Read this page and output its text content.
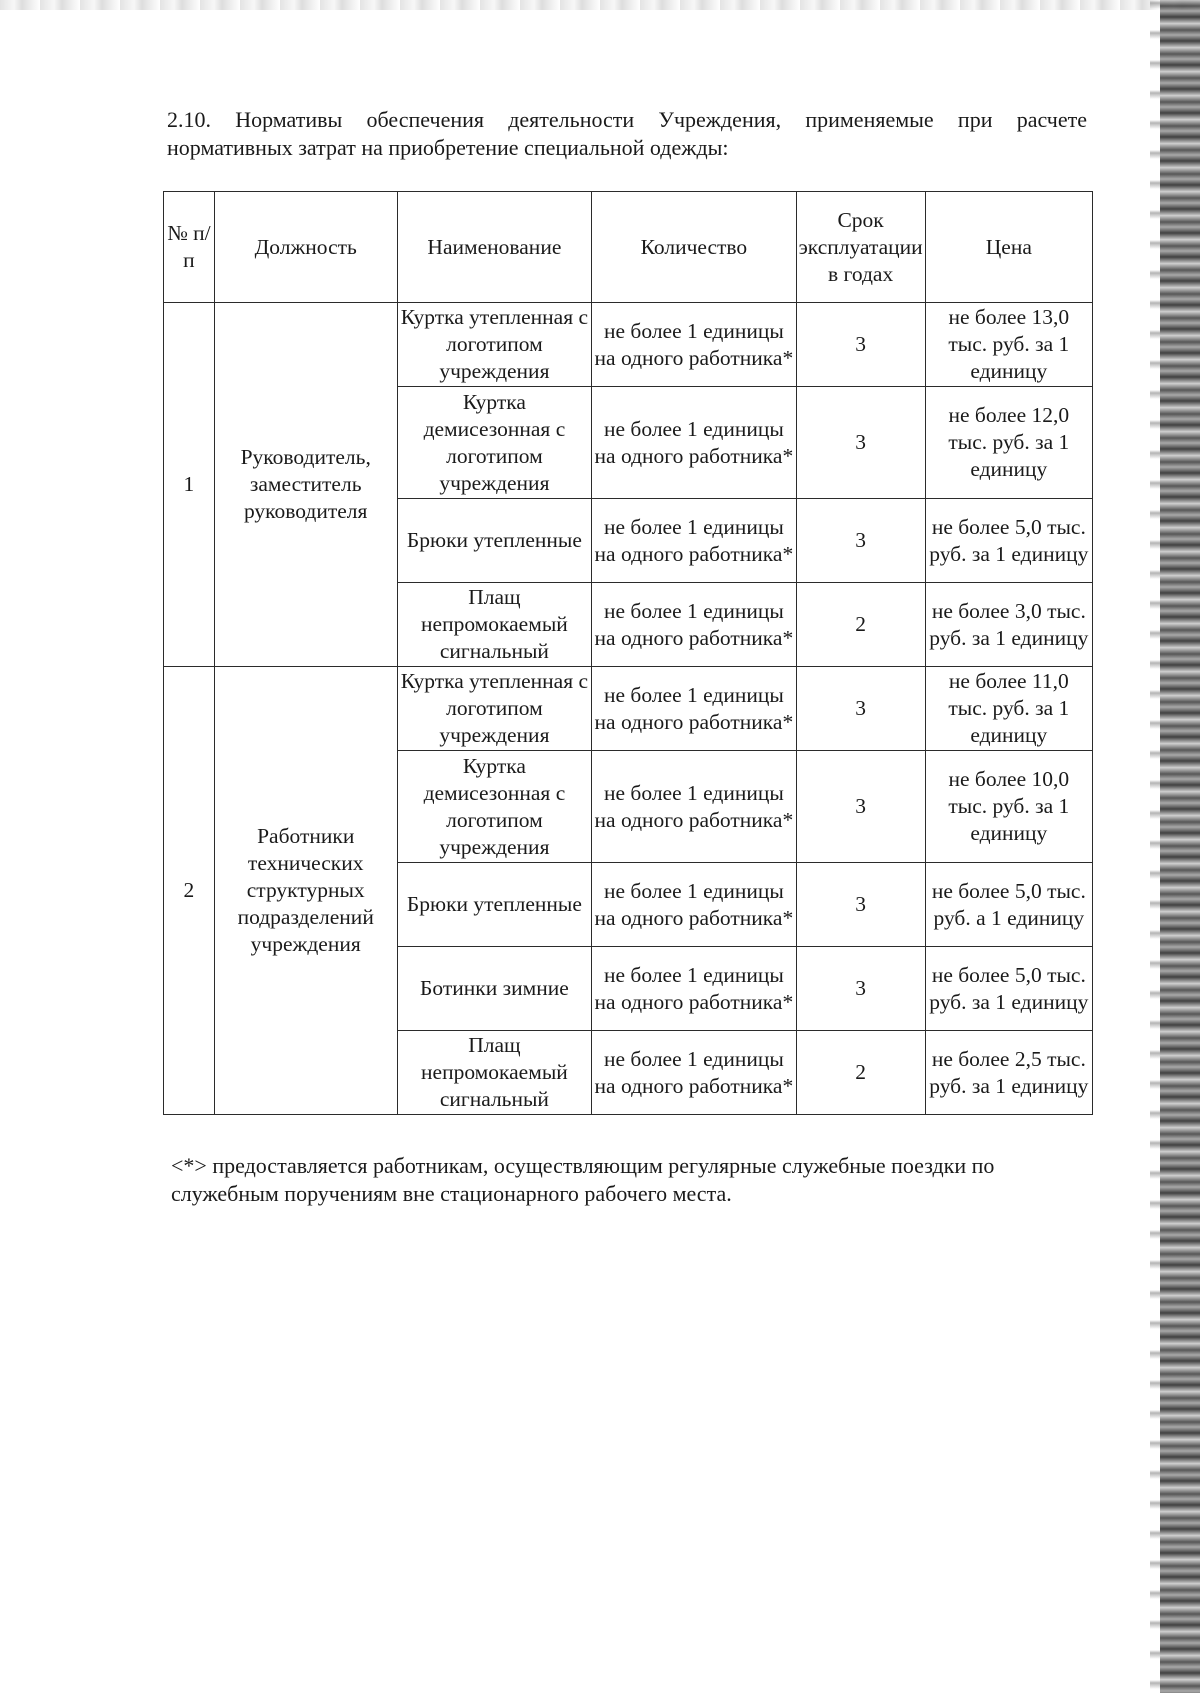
2.10. Нормативы обеспечения деятельности Учреждения, применяемые при расчете нормативных затрат на приобретение специальной одежды:

№ п/п	Должность	Наименование	Количество	Срок эксплуатации в годах	Цена
1	Руководитель, заместитель руководителя	Куртка утепленная с логотипом учреждения	не более 1 единицы на одного работника*	3	не более 13,0 тыс. руб. за 1 единицу
		Куртка демисезонная с логотипом учреждения	не более 1 единицы на одного работника*	3	не более 12,0 тыс. руб. за 1 единицу
		Брюки утепленные	не более 1 единицы на одного работника*	3	не более 5,0 тыс. руб. за 1 единицу
		Плащ непромокаемый сигнальный	не более 1 единицы на одного работника*	2	не более 3,0 тыс. руб. за 1 единицу
2	Работники технических структурных подразделений учреждения	Куртка утепленная с логотипом учреждения	не более 1 единицы на одного работника*	3	не более 11,0 тыс. руб. за 1 единицу
		Куртка демисезонная с логотипом учреждения	не более 1 единицы на одного работника*	3	не более 10,0 тыс. руб. за 1 единицу
		Брюки утепленные	не более 1 единицы на одного работника*	3	не более 5,0 тыс. руб. а 1 единицу
		Ботинки зимние	не более 1 единицы на одного работника*	3	не более 5,0 тыс. руб. за 1 единицу
		Плащ непромокаемый сигнальный	не более 1 единицы на одного работника*	2	не более 2,5 тыс. руб. за 1 единицу

<*> предоставляется работникам, осуществляющим регулярные служебные поездки по служебным поручениям вне стационарного рабочего места.
